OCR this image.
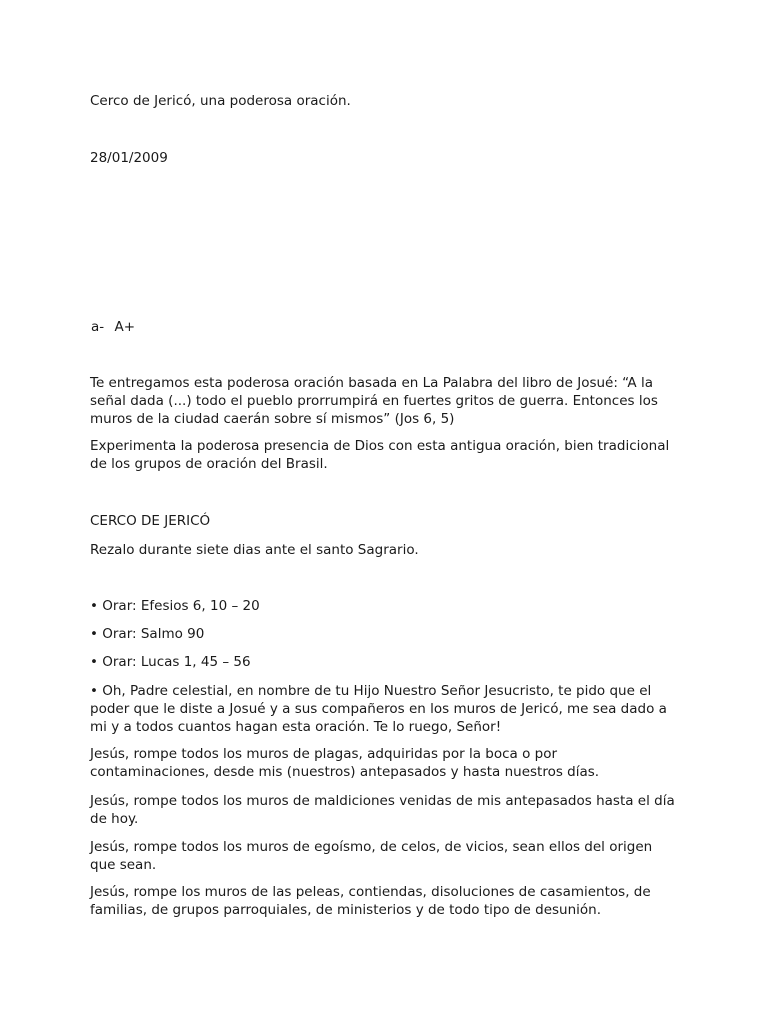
Cerco de Jericó, una poderosa oración.

28/01/2009

a- A+

Te entregamos esta poderosa oración basada en La Palabra del libro de Josué: “A la señal dada (...) todo el pueblo prorrumpirá en fuertes gritos de guerra. Entonces los muros de la ciudad caerán sobre sí mismos” (Jos 6, 5)

Experimenta la poderosa presencia de Dios con esta antigua oración, bien tradicional de los grupos de oración del Brasil.

CERCO DE JERICÓ

Rezalo durante siete dias ante el santo Sagrario.

• Orar: Efesios 6, 10 – 20

• Orar: Salmo 90

• Orar: Lucas 1, 45 – 56

• Oh, Padre celestial, en nombre de tu Hijo Nuestro Señor Jesucristo, te pido que el poder que le diste a Josué y a sus compañeros en los muros de Jericó, me sea dado a mi y a todos cuantos hagan esta oración. Te lo ruego, Señor!

Jesús, rompe todos los muros de plagas, adquiridas por la boca o por contaminaciones, desde mis (nuestros) antepasados y hasta nuestros días.

Jesús, rompe todos los muros de maldiciones venidas de mis antepasados hasta el día de hoy.

Jesús, rompe todos los muros de egoísmo, de celos, de vicios, sean ellos del origen que sean.

Jesús, rompe los muros de las peleas, contiendas, disoluciones de casamientos, de familias, de grupos parroquiales, de ministerios y de todo tipo de desunión.
